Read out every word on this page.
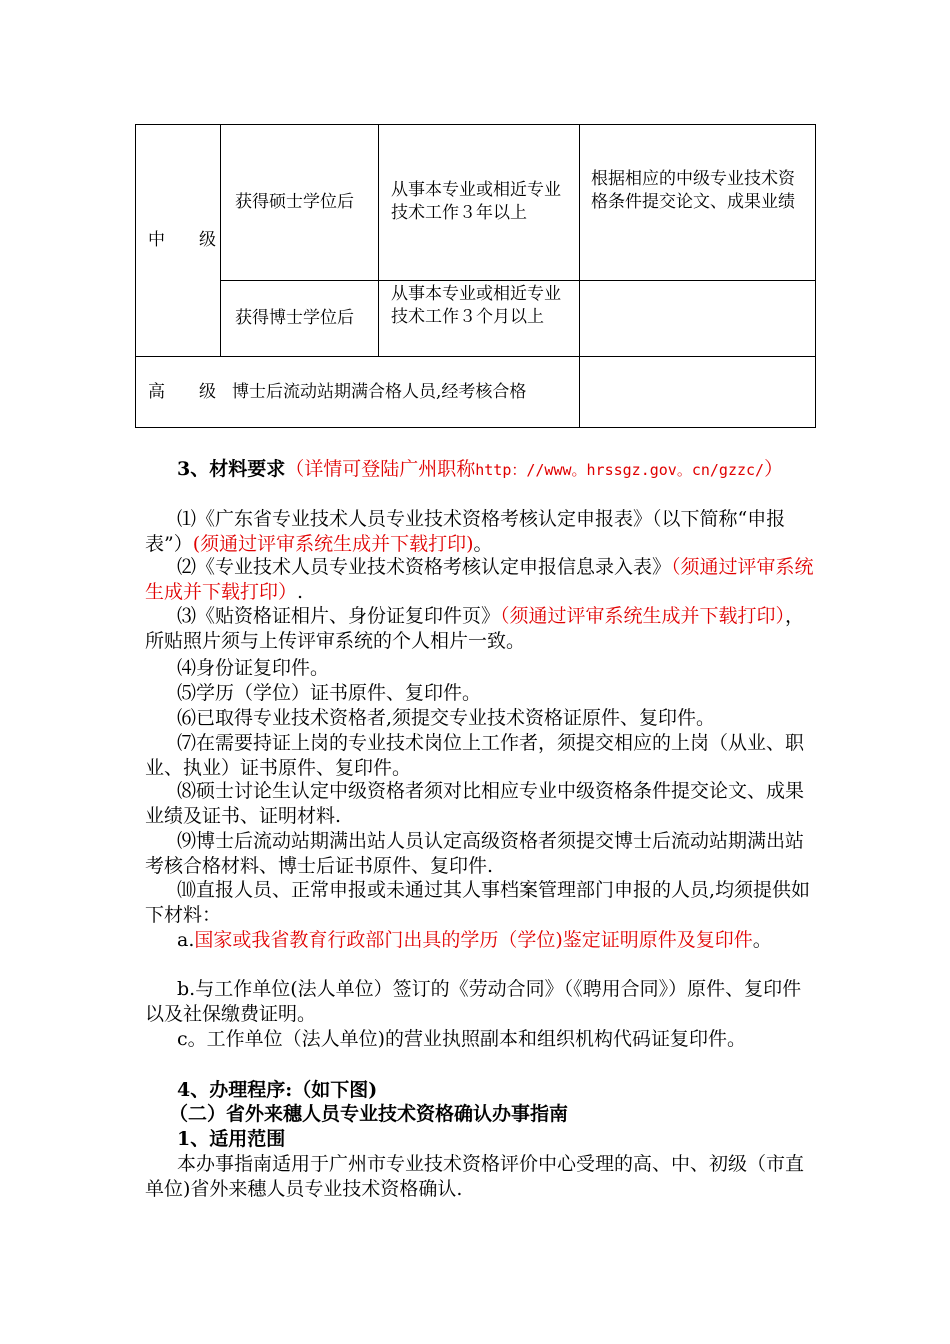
中　　级
获得硕士学位后
从事本专业或相近专业技术工作３年以上
根据相应的中级专业技术资格条件提交论文、成果业绩
获得博士学位后
从事本专业或相近专业技术工作３个月以上
高　　级 博士后流动站期满合格人员,经考核合格

3、材料要求（详情可登陆广州职称http：//www。hrssgz.gov。cn/gzzc/）

⑴《广东省专业技术人员专业技术资格考核认定申报表》（以下简称“申报表”）(须通过评审系统生成并下载打印)。

⑵《专业技术人员专业技术资格考核认定申报信息录入表》（须通过评审系统生成并下载打印）.

⑶《贴资格证相片、身份证复印件页》（须通过评审系统生成并下载打印），所贴照片须与上传评审系统的个人相片一致。

⑷身份证复印件。

⑸学历（学位）证书原件、复印件。

⑹已取得专业技术资格者,须提交专业技术资格证原件、复印件。

⑺在需要持证上岗的专业技术岗位上工作者，须提交相应的上岗（从业、职业、执业）证书原件、复印件。

⑻硕士讨论生认定中级资格者须对比相应专业中级资格条件提交论文、成果业绩及证书、证明材料.

⑼博士后流动站期满出站人员认定高级资格者须提交博士后流动站期满出站考核合格材料、博士后证书原件、复印件.

⑽直报人员、正常申报或未通过其人事档案管理部门申报的人员,均须提供如下材料：

a.国家或我省教育行政部门出具的学历（学位)鉴定证明原件及复印件。

b.与工作单位(法人单位）签订的《劳动合同》（《聘用合同》）原件、复印件以及社保缴费证明。

c。工作单位（法人单位)的营业执照副本和组织机构代码证复印件。

4、办理程序:（如下图)

（二）省外来穗人员专业技术资格确认办事指南

1、适用范围

本办事指南适用于广州市专业技术资格评价中心受理的高、中、初级（市直单位)省外来穗人员专业技术资格确认.
